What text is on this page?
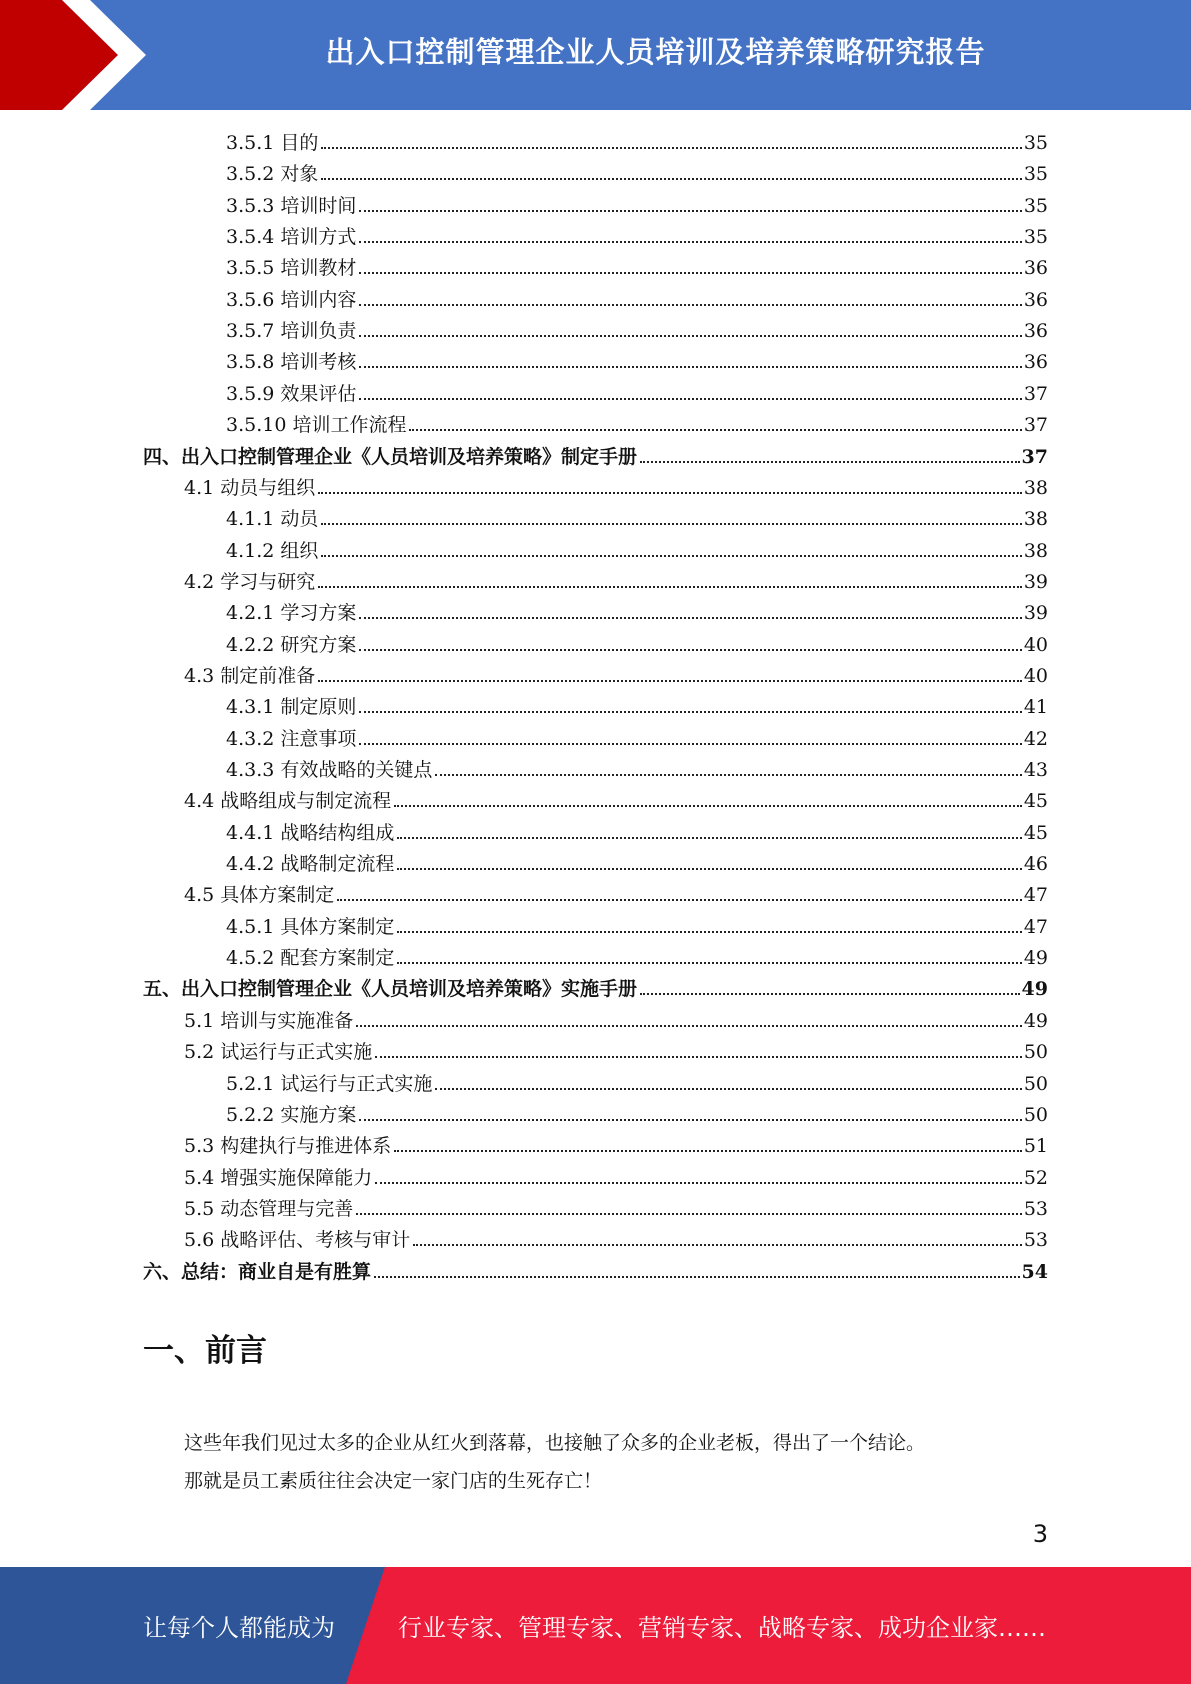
出入口控制管理企业人员培训及培养策略研究报告
3.5.1 目的	35
3.5.2 对象	35
3.5.3 培训时间	35
3.5.4 培训方式	35
3.5.5 培训教材	36
3.5.6 培训内容	36
3.5.7 培训负责	36
3.5.8 培训考核	36
3.5.9 效果评估	37
3.5.10 培训工作流程	37
四、出入口控制管理企业《人员培训及培养策略》制定手册	37
4.1 动员与组织	38
4.1.1 动员	38
4.1.2 组织	38
4.2 学习与研究	39
4.2.1 学习方案	39
4.2.2 研究方案	40
4.3 制定前准备	40
4.3.1 制定原则	41
4.3.2 注意事项	42
4.3.3 有效战略的关键点	43
4.4 战略组成与制定流程	45
4.4.1 战略结构组成	45
4.4.2 战略制定流程	46
4.5 具体方案制定	47
4.5.1 具体方案制定	47
4.5.2 配套方案制定	49
五、出入口控制管理企业《人员培训及培养策略》实施手册	49
5.1 培训与实施准备	49
5.2 试运行与正式实施	50
5.2.1 试运行与正式实施	50
5.2.2 实施方案	50
5.3 构建执行与推进体系	51
5.4 增强实施保障能力	52
5.5 动态管理与完善	53
5.6 战略评估、考核与审计	53
六、总结：商业自是有胜算	54
一、前言
这些年我们见过太多的企业从红火到落幕，也接触了众多的企业老板，得出了一个结论。
那就是员工素质往往会决定一家门店的生死存亡！
3
让每个人都能成为	行业专家、管理专家、营销专家、战略专家、成功企业家……
